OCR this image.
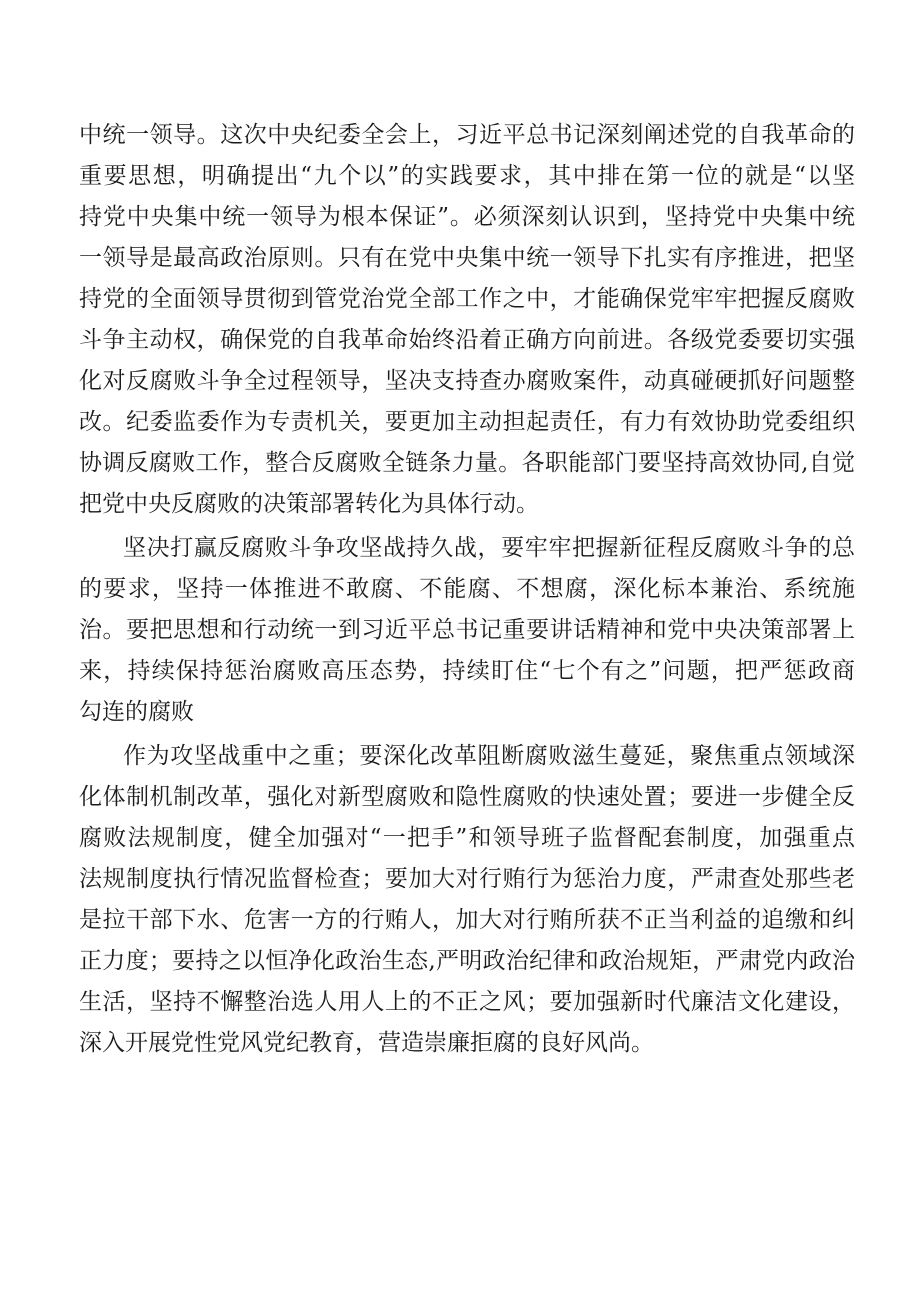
中统一领导。这次中央纪委全会上，习近平总书记深刻阐述党的自我革命的
重要思想，明确提出“九个以”的实践要求，其中排在第一位的就是“以坚
持党中央集中统一领导为根本保证”。必须深刻认识到，坚持党中央集中统
一领导是最高政治原则。只有在党中央集中统一领导下扎实有序推进，把坚
持党的全面领导贯彻到管党治党全部工作之中，才能确保党牢牢把握反腐败
斗争主动权，确保党的自我革命始终沿着正确方向前进。各级党委要切实强
化对反腐败斗争全过程领导，坚决支持查办腐败案件，动真碰硬抓好问题整
改。纪委监委作为专责机关，要更加主动担起责任，有力有效协助党委组织
协调反腐败工作，整合反腐败全链条力量。各职能部门要坚持高效协同,自觉
把党中央反腐败的决策部署转化为具体行动。
坚决打赢反腐败斗争攻坚战持久战，要牢牢把握新征程反腐败斗争的总
的要求，坚持一体推进不敢腐、不能腐、不想腐，深化标本兼治、系统施
治。要把思想和行动统一到习近平总书记重要讲话精神和党中央决策部署上
来，持续保持惩治腐败高压态势，持续盯住“七个有之”问题，把严惩政商
勾连的腐败
作为攻坚战重中之重；要深化改革阻断腐败滋生蔓延，聚焦重点领域深
化体制机制改革，强化对新型腐败和隐性腐败的快速处置；要进一步健全反
腐败法规制度，健全加强对“一把手”和领导班子监督配套制度，加强重点
法规制度执行情况监督检查；要加大对行贿行为惩治力度，严肃查处那些老
是拉干部下水、危害一方的行贿人，加大对行贿所获不正当利益的追缴和纠
正力度；要持之以恒净化政治生态,严明政治纪律和政治规矩，严肃党内政治
生活，坚持不懈整治选人用人上的不正之风；要加强新时代廉洁文化建设，
深入开展党性党风党纪教育，营造崇廉拒腐的良好风尚。
